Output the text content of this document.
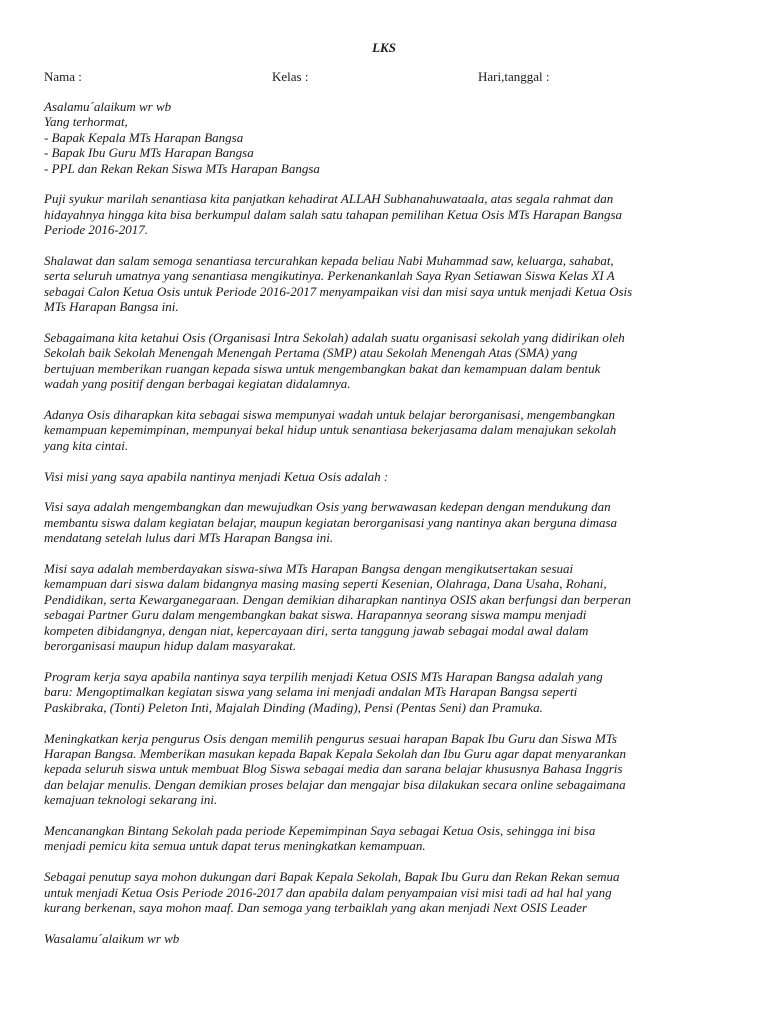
LKS
Nama :	Kelas :	Hari,tanggal :
Asalamu´alaikum wr wb
Yang terhormat,
- Bapak Kepala MTs Harapan Bangsa
- Bapak Ibu Guru MTs Harapan Bangsa
- PPL dan Rekan Rekan Siswa MTs Harapan Bangsa
Puji syukur marilah senantiasa kita panjatkan kehadirat ALLAH Subhanahuwataala, atas segala rahmat dan
hidayahnya hingga kita bisa berkumpul dalam salah satu tahapan pemilihan Ketua Osis MTs Harapan Bangsa
Periode 2016-2017.
Shalawat dan salam semoga senantiasa tercurahkan kepada beliau Nabi Muhammad saw, keluarga, sahabat,
serta seluruh umatnya yang senantiasa mengikutinya. Perkenankanlah Saya Ryan Setiawan Siswa Kelas XI A
sebagai Calon Ketua Osis untuk Periode 2016-2017 menyampaikan visi dan misi saya untuk menjadi Ketua Osis
MTs Harapan Bangsa ini.
Sebagaimana kita ketahui Osis (Organisasi Intra Sekolah) adalah suatu organisasi sekolah yang didirikan oleh
Sekolah baik Sekolah Menengah Menengah Pertama (SMP) atau Sekolah Menengah Atas (SMA) yang
bertujuan memberikan ruangan kepada siswa untuk mengembangkan bakat dan kemampuan dalam bentuk
wadah yang positif dengan berbagai kegiatan didalamnya.
Adanya Osis diharapkan kita sebagai siswa mempunyai wadah untuk belajar berorganisasi, mengembangkan
kemampuan kepemimpinan, mempunyai bekal hidup untuk senantiasa bekerjasama dalam menajukan sekolah
yang kita cintai.
Visi misi yang saya apabila nantinya menjadi Ketua Osis adalah :
Visi saya adalah mengembangkan dan mewujudkan Osis yang berwawasan kedepan dengan mendukung dan
membantu siswa dalam kegiatan belajar, maupun kegiatan berorganisasi yang nantinya akan berguna dimasa
mendatang setelah lulus dari MTs Harapan Bangsa ini.
Misi saya adalah memberdayakan siswa-siwa MTs Harapan Bangsa dengan mengikutsertakan sesuai
kemampuan dari siswa dalam bidangnya masing masing seperti Kesenian, Olahraga, Dana Usaha, Rohani,
Pendidikan, serta Kewarganegaraan. Dengan demikian diharapkan nantinya OSIS akan berfungsi dan berperan
sebagai Partner Guru dalam mengembangkan bakat siswa. Harapannya seorang siswa mampu menjadi
kompeten dibidangnya, dengan niat, kepercayaan diri, serta tanggung jawab sebagai modal awal dalam
berorganisasi maupun hidup dalam masyarakat.
Program kerja saya apabila nantinya saya terpilih menjadi Ketua OSIS MTs Harapan Bangsa adalah yang
baru: Mengoptimalkan kegiatan siswa yang selama ini menjadi andalan MTs Harapan Bangsa seperti
Paskibraka, (Tonti) Peleton Inti, Majalah Dinding (Mading), Pensi (Pentas Seni) dan Pramuka.
Meningkatkan kerja pengurus Osis dengan memilih pengurus sesuai harapan Bapak Ibu Guru dan Siswa MTs
Harapan Bangsa. Memberikan masukan kepada Bapak Kepala Sekolah dan Ibu Guru agar dapat menyarankan
kepada seluruh siswa untuk membuat Blog Siswa sebagai media dan sarana belajar khususnya Bahasa Inggris
dan belajar menulis. Dengan demikian proses belajar dan mengajar bisa dilakukan secara online sebagaimana
kemajuan teknologi sekarang ini.
Mencanangkan Bintang Sekolah pada periode Kepemimpinan Saya sebagai Ketua Osis, sehingga ini bisa
menjadi pemicu kita semua untuk dapat terus meningkatkan kemampuan.
Sebagai penutup saya mohon dukungan dari Bapak Kepala Sekolah, Bapak Ibu Guru dan Rekan Rekan semua
untuk menjadi Ketua Osis Periode 2016-2017 dan apabila dalam penyampaian visi misi tadi ad hal hal yang
kurang berkenan, saya mohon maaf. Dan semoga yang terbaiklah yang akan menjadi Next OSIS Leader
Wasalamu´alaikum wr wb
